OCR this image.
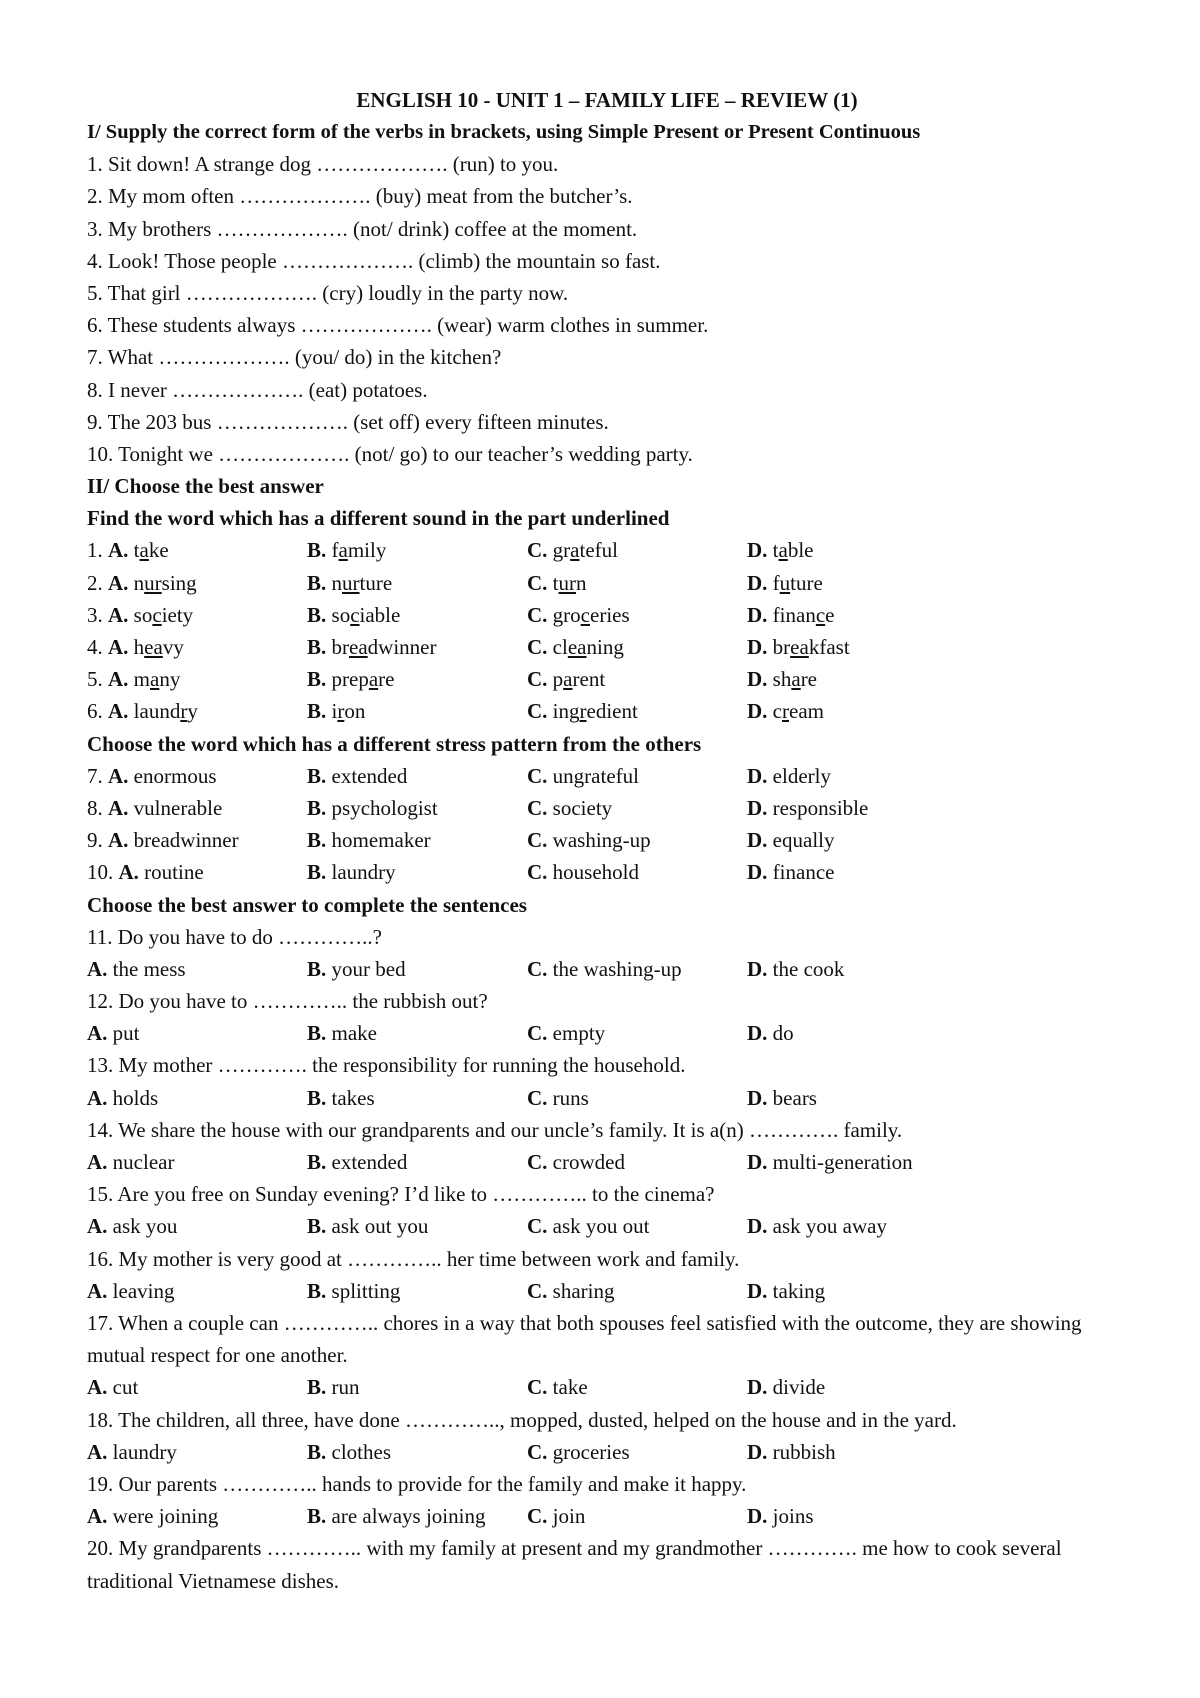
ENGLISH 10 - UNIT 1 – FAMILY LIFE – REVIEW (1)
I/ Supply the correct form of the verbs in brackets, using Simple Present or Present Continuous
1. Sit down! A strange dog ………………. (run) to you.
2. My mom often ………………. (buy) meat from the butcher’s.
3. My brothers ………………. (not/ drink) coffee at the moment.
4. Look! Those people ………………. (climb) the mountain so fast.
5. That girl ………………. (cry) loudly in the party now.
6. These students always ………………. (wear) warm clothes in summer.
7. What ………………. (you/ do) in the kitchen?
8. I never ………………. (eat) potatoes.
9. The 203 bus ………………. (set off) every fifteen minutes.
10. Tonight we ………………. (not/ go) to our teacher’s wedding party.
II/ Choose the best answer
Find the word which has a different sound in the part underlined
1. A. take	B. family	C. grateful	D. table
2. A. nursing	B. nurture	C. turn	D. future
3. A. society	B. sociable	C. groceries	D. finance
4. A. heavy	B. breadwinner	C. cleaning	D. breakfast
5. A. many	B. prepare	C. parent	D. share
6. A. laundry	B. iron	C. ingredient	D. cream
Choose the word which has a different stress pattern from the others
7. A. enormous	B. extended	C. ungrateful	D. elderly
8. A. vulnerable	B. psychologist	C. society	D. responsible
9. A. breadwinner	B. homemaker	C. washing-up	D. equally
10. A. routine	B. laundry	C. household	D. finance
Choose the best answer to complete the sentences
11. Do you have to do …………..?
A. the mess	B. your bed	C. the washing-up	D. the cook
12. Do you have to ………….. the rubbish out?
A. put	B. make	C. empty	D. do
13. My mother …………. the responsibility for running the household.
A. holds	B. takes	C. runs	D. bears
14. We share the house with our grandparents and our uncle’s family. It is a(n) …………. family.
A. nuclear	B. extended	C. crowded	D. multi-generation
15. Are you free on Sunday evening? I’d like to ………….. to the cinema?
A. ask you	B. ask out you	C. ask you out	D. ask you away
16. My mother is very good at ………….. her time between work and family.
A. leaving	B. splitting	C. sharing	D. taking
17. When a couple can ………….. chores in a way that both spouses feel satisfied with the outcome, they are showing mutual respect for one another.
A. cut	B. run	C. take	D. divide
18. The children, all three, have done ………….., mopped, dusted, helped on the house and in the yard.
A. laundry	B. clothes	C. groceries	D. rubbish
19. Our parents ………….. hands to provide for the family and make it happy.
A. were joining	B. are always joining	C. join	D. joins
20. My grandparents ………….. with my family at present and my grandmother …………. me how to cook several traditional Vietnamese dishes.
